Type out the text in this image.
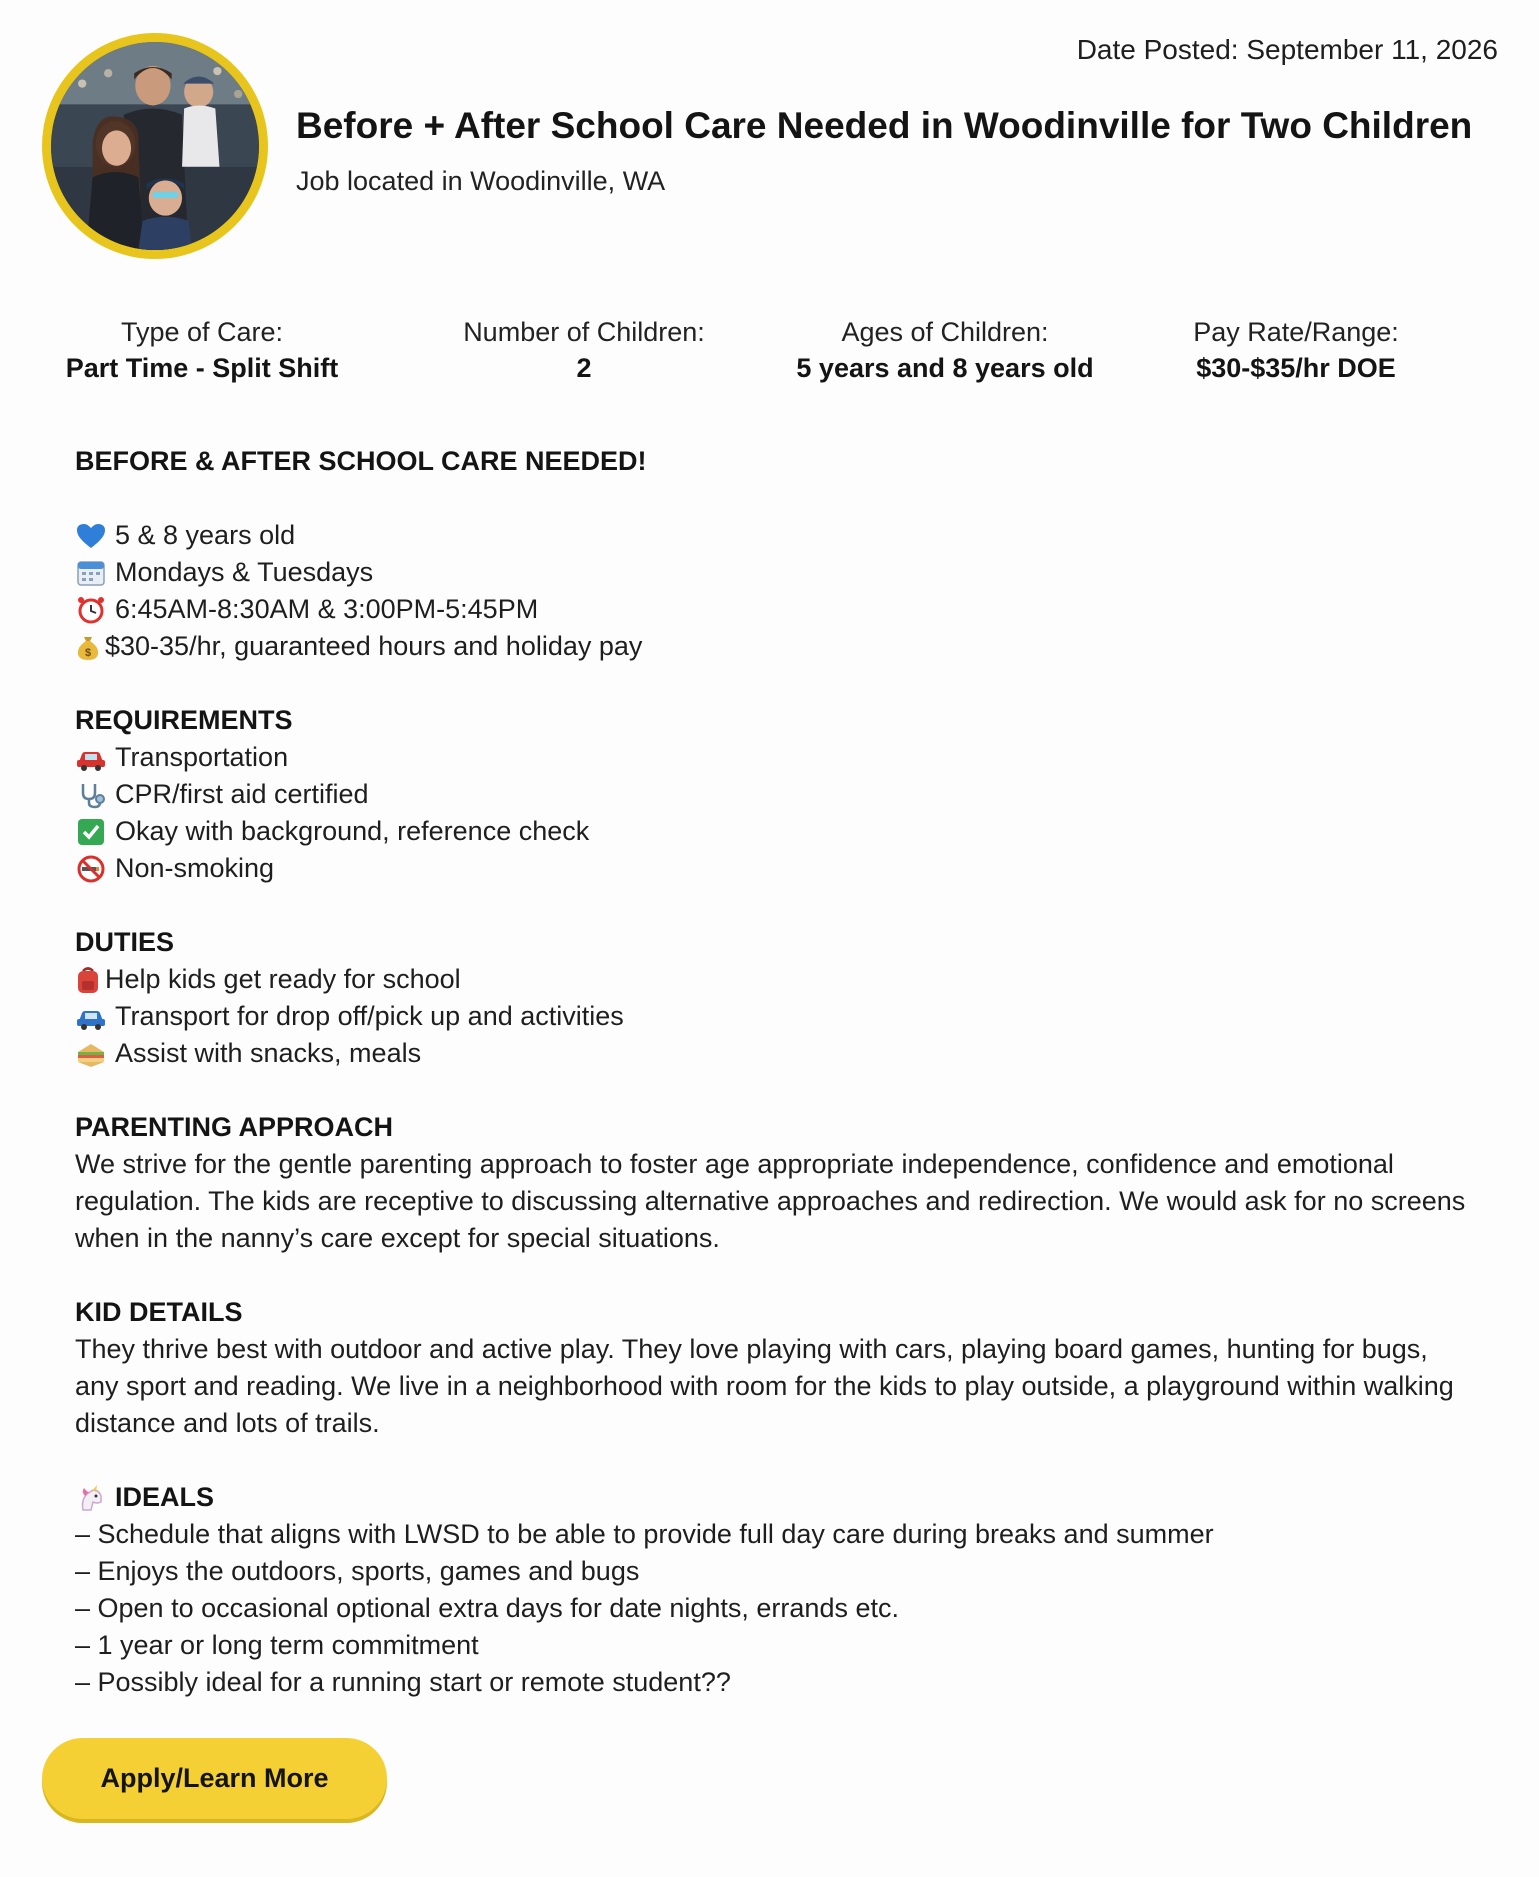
Date Posted: September 11, 2026
Before + After School Care Needed in Woodinville for Two Children
Job located in Woodinville, WA
Type of Care:
Part Time - Split Shift
Number of Children:
2
Ages of Children:
5 years and 8 years old
Pay Rate/Range:
$30-$35/hr DOE
BEFORE & AFTER SCHOOL CARE NEEDED!
5 & 8 years old
Mondays & Tuesdays
6:45AM-8:30AM & 3:00PM-5:45PM
$ $30-35/hr, guaranteed hours and holiday pay
REQUIREMENTS
Transportation
CPR/first aid certified
Okay with background, reference check
Non-smoking
DUTIES
Help kids get ready for school
Transport for drop off/pick up and activities
Assist with snacks, meals
PARENTING APPROACH

We strive for the gentle parenting approach to foster age appropriate independence, confidence and emotional regulation. The kids are receptive to discussing alternative approaches and redirection. We would ask for no screens when in the nanny’s care except for special situations.

KID DETAILS

They thrive best with outdoor and active play. They love playing with cars, playing board games, hunting for bugs, any sport and reading. We live in a neighborhood with room for the kids to play outside, a playground within walking distance and lots of trails.

IDEALS
– Schedule that aligns with LWSD to be able to provide full day care during breaks and summer
– Enjoys the outdoors, sports, games and bugs
– Open to occasional optional extra days for date nights, errands etc.
– 1 year or long term commitment
– Possibly ideal for a running start or remote student??
Apply/Learn More
